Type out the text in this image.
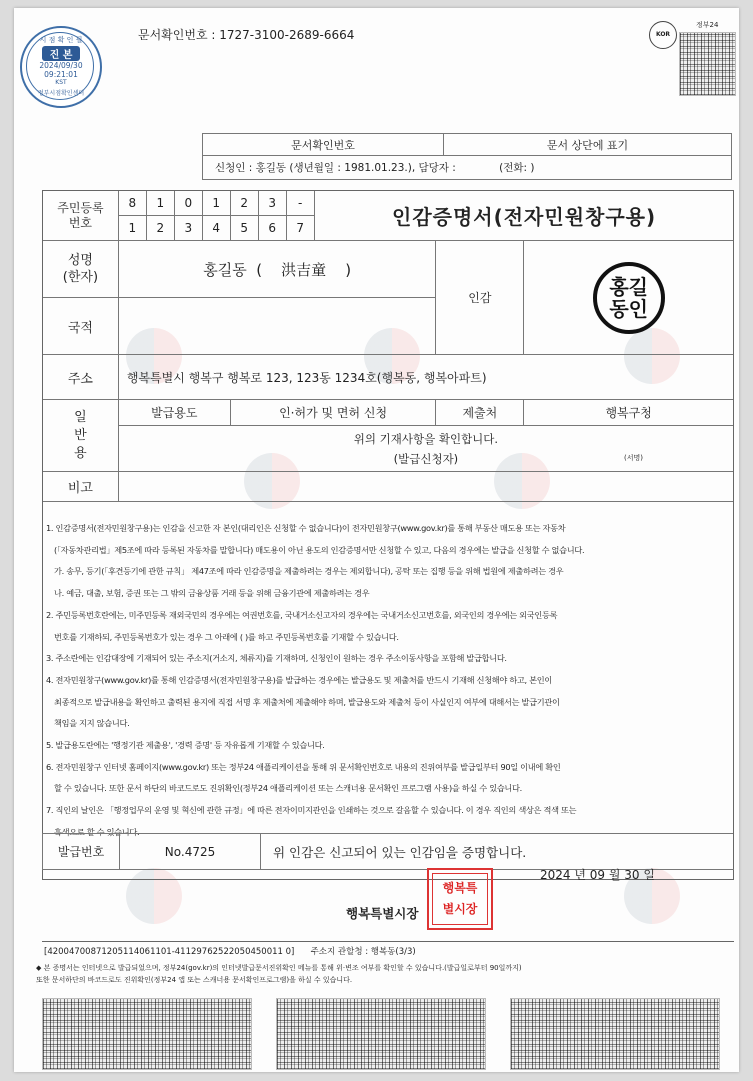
시 점 확 인 필
진 본
2024/09/30
09:21:01
KST
정부시점확인센터
문서확인번호 : 1727-3100-2689-6664	KOR
정부24
문서확인번호	문서 상단에 표기
신청인 : 홍길동 (생년월일 : 1981.01.23.), 담당자 :	(전화: )
주민등록
번호	8	1	0	1	2	3	-	인감증명서(전자민원창구용)		
	1	2	3	4	5	6	7			
성명
(한자)	홍길동  (    洪吉童    )								인감	홍길동인

국적										
주소	행복특별시 행복구 행복로 123, 123동 1234호(행복동, 행복아파트)									
일
반
용	발급용도				인·허가 및 면허 신청				제출처	행복구청

	위의 기재사항을 확인합니다.
(발급신청자) (서명)									

비고										
1. 인감증명서(전자민원창구용)는 인감을 신고한 자 본인(대리인은 신청할 수 없습니다)이 전자민원창구(www.gov.kr)를 통해 부동산 매도용 또는 자동차
(「자동차관리법」제5조에 따라 등록된 자동차를 말합니다) 매도용이 아닌 용도의 인감증명서만 신청할 수 있고, 다음의 경우에는 발급을 신청할 수 없습니다.
가. 송무, 등기(「후견등기에 관한 규칙」 제47조에 따라 인감증명을 제출하려는 경우는 제외합니다), 공탁 또는 집행 등을 위해 법원에 제출하려는 경우
나. 예금, 대출, 보험, 증권 또는 그 밖의 금융상품 거래 등을 위해 금융기관에 제출하려는 경우
2. 주민등록번호란에는, 미주민등록 재외국민의 경우에는 여권번호를, 국내거소신고자의 경우에는 국내거소신고번호를, 외국인의 경우에는 외국인등록
번호를 기재하되, 주민등록번호가 있는 경우 그 아래에 ( )를 하고 주민등록번호를 기재할 수 있습니다.
3. 주소란에는 인감대장에 기재되어 있는 주소지(거소지, 체류지)를 기재하며, 신청인이 원하는 경우 주소이동사항을 포함해 발급합니다.
4. 전자민원창구(www.gov.kr)를 통해 인감증명서(전자민원창구용)를 발급하는 경우에는 발급용도 및 제출처를 반드시 기재해 신청해야 하고, 본인이
최종적으로 발급내용을 확인하고 출력된 용지에 직접 서명 후 제출처에 제출해야 하며, 발급용도와 제출처 등이 사실인지 여부에 대해서는 발급기관이
책임을 지지 않습니다.
5. 발급용도란에는 '행정기관 제출용', '경력 증명' 등 자유롭게 기재할 수 있습니다.
6. 전자민원창구 인터넷 홈페이지(www.gov.kr) 또는 정부24 애플리케이션을 통해 위 문서확인번호로 내용의 진위여부를 발급일부터 90일 이내에 확인
할 수 있습니다. 또한 문서 하단의 바코드로도 진위확인(정부24 애플리케이션 또는 스캐너용 문서확인 프로그램 사용)을 하실 수 있습니다.
7. 직인의 날인은 「행정업무의 운영 및 혁신에 관한 규정」에 따른 전자이미지관인을 인쇄하는 것으로 갈음할 수 있습니다. 이 경우 직인의 색상은 적색 또는
흑색으로 할 수 있습니다.
발급번호	No.4725	위 인감은 신고되어 있는 인감임을 증명합니다.
2024 년 09 월 30 일
행복특별시장
행복특별시장
[42004700871205114061101-41129762522050450011 0]      주소지 관할청 : 행복동(3/3)
◆ 본 증명서는 인터넷으로 발급되었으며, 정부24(gov.kr)의 인터넷발급문서진위확인 메뉴를 통해 위·변조 여부를 확인할 수 있습니다.(발급일로부터 90일까지)
또한 문서하단의 바코드로도 진위확인(정부24 앱 또는 스캐너용 문서확인프로그램)을 하실 수 있습니다.
